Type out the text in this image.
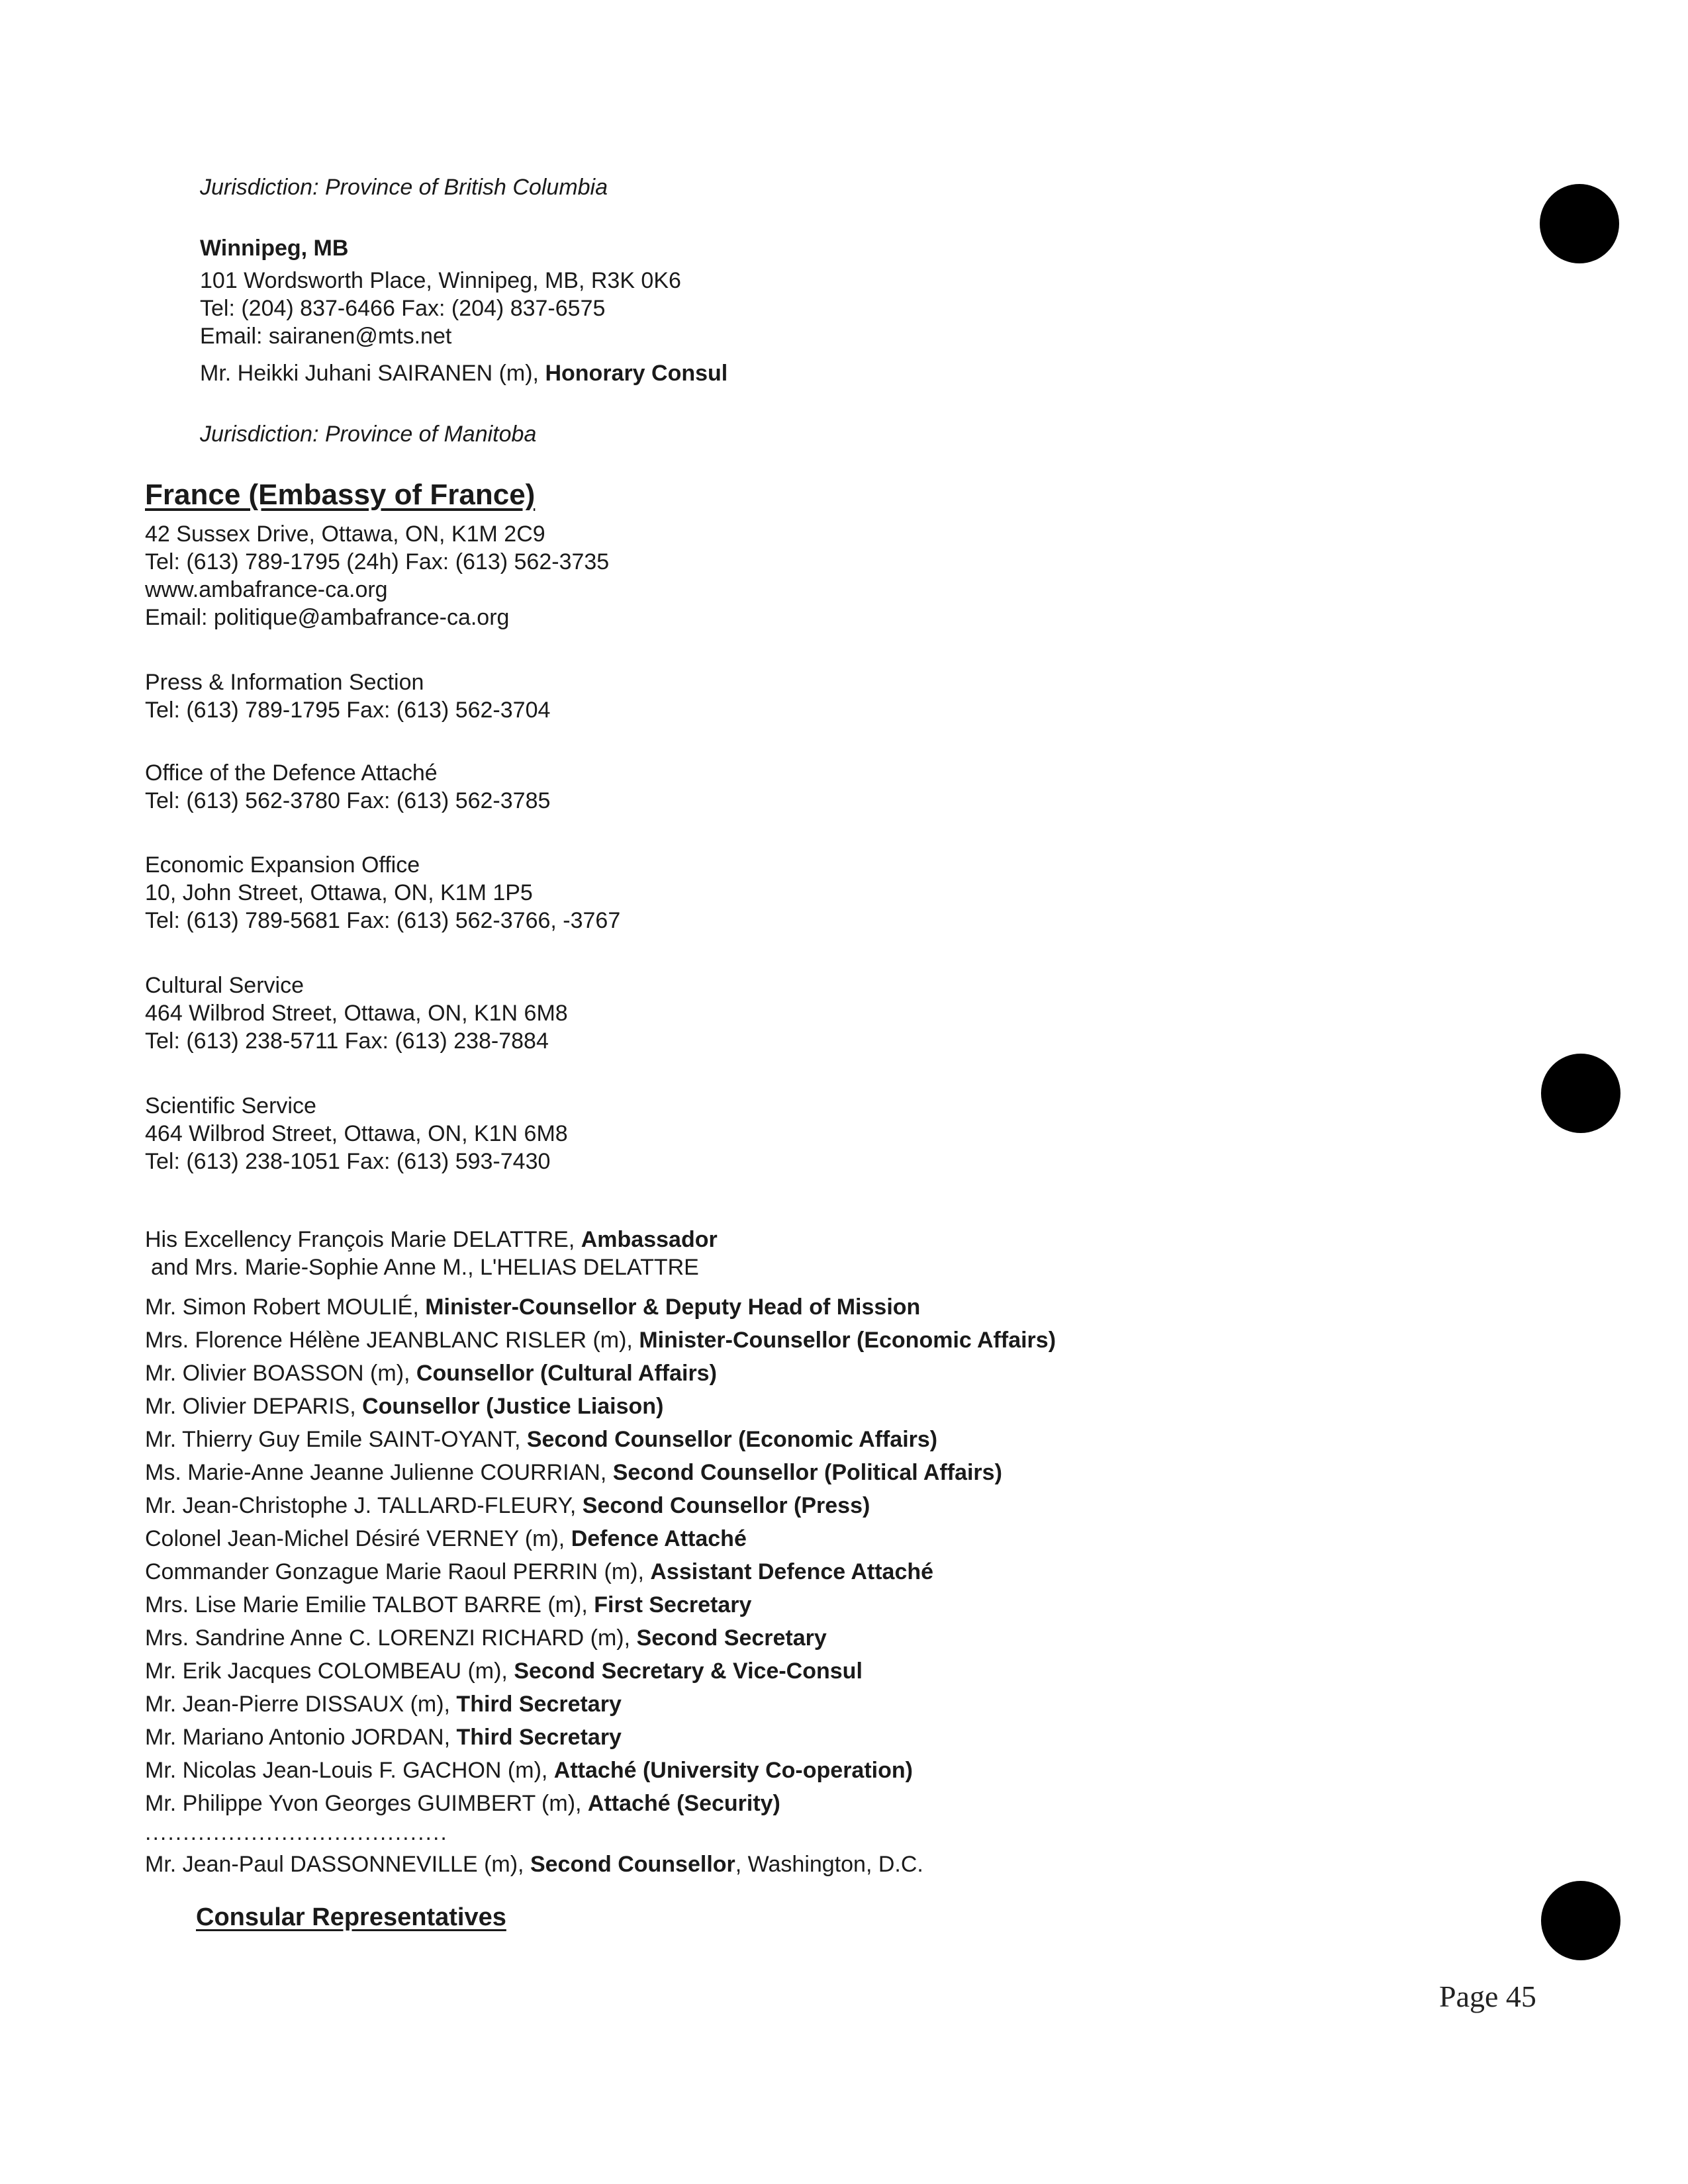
Jurisdiction: Province of British Columbia
Winnipeg, MB
101 Wordsworth Place, Winnipeg, MB, R3K 0K6
Tel: (204) 837-6466 Fax: (204) 837-6575
Email: sairanen@mts.net
Mr. Heikki Juhani SAIRANEN (m), Honorary Consul
Jurisdiction: Province of Manitoba
France (Embassy of France)
42 Sussex Drive, Ottawa, ON, K1M 2C9
Tel: (613) 789-1795 (24h) Fax: (613) 562-3735
www.ambafrance-ca.org
Email: politique@ambafrance-ca.org
Press & Information Section
Tel: (613) 789-1795 Fax: (613) 562-3704
Office of the Defence Attaché
Tel: (613) 562-3780 Fax: (613) 562-3785
Economic Expansion Office
10, John Street, Ottawa, ON, K1M 1P5
Tel: (613) 789-5681 Fax: (613) 562-3766, -3767
Cultural Service
464 Wilbrod Street, Ottawa, ON, K1N 6M8
Tel: (613) 238-5711 Fax: (613) 238-7884
Scientific Service
464 Wilbrod Street, Ottawa, ON, K1N 6M8
Tel: (613) 238-1051 Fax: (613) 593-7430
His Excellency François Marie DELATTRE, Ambassador
and Mrs. Marie-Sophie Anne M., L'HELIAS DELATTRE
Mr. Simon Robert MOULIÉ, Minister-Counsellor & Deputy Head of Mission
Mrs. Florence Hélène JEANBLANC RISLER (m), Minister-Counsellor (Economic Affairs)
Mr. Olivier BOASSON (m), Counsellor (Cultural Affairs)
Mr. Olivier DEPARIS, Counsellor (Justice Liaison)
Mr. Thierry Guy Emile SAINT-OYANT, Second Counsellor (Economic Affairs)
Ms. Marie-Anne Jeanne Julienne COURRIAN, Second Counsellor (Political Affairs)
Mr. Jean-Christophe J. TALLARD-FLEURY, Second Counsellor (Press)
Colonel Jean-Michel Désiré VERNEY (m), Defence Attaché
Commander Gonzague Marie Raoul PERRIN (m), Assistant Defence Attaché
Mrs. Lise Marie Emilie TALBOT BARRE (m), First Secretary
Mrs. Sandrine Anne C. LORENZI RICHARD (m), Second Secretary
Mr. Erik Jacques COLOMBEAU (m), Second Secretary & Vice-Consul
Mr. Jean-Pierre DISSAUX (m), Third Secretary
Mr. Mariano Antonio JORDAN, Third Secretary
Mr. Nicolas Jean-Louis F. GACHON (m), Attaché (University Co-operation)
Mr. Philippe Yvon Georges GUIMBERT (m), Attaché (Security)
........................................
Mr. Jean-Paul DASSONNEVILLE (m), Second Counsellor, Washington, D.C.
Consular Representatives
Page 45
